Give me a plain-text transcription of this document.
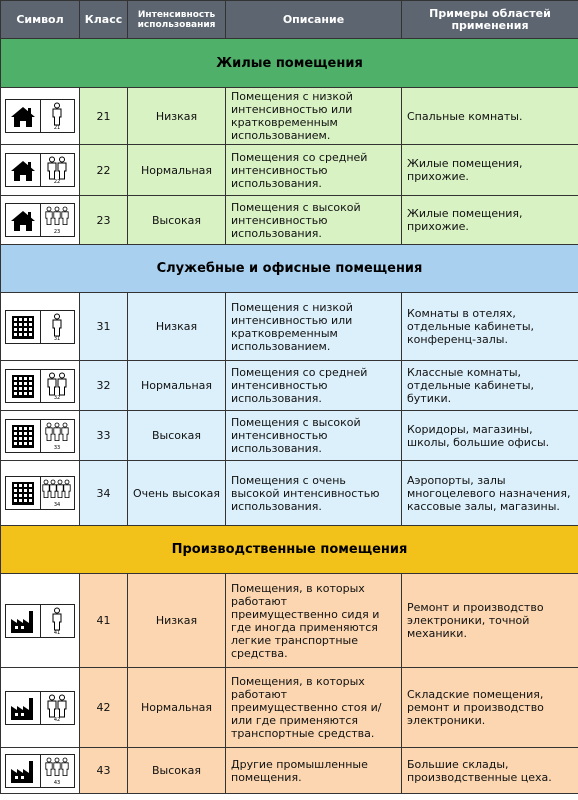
Символ	Класс	Интенсивность использования	Описание	Примеры областей применения
Жилые помещения				

21	21	Низкая	Помещения с низкой интенсивностью или кратковременным использованием.	Спальные комнаты.

22	22	Нормальная	Помещения со средней интенсивностью использования.	Жилые помещения, прихожие.

23	23	Высокая	Помещения с высокой интенсивностью использования.	Жилые помещения, прихожие.
Служебные и офисные помещения				

31	31	Низкая	Помещения с низкой интенсивностью или кратковременным использованием.	Комнаты в отелях, отдельные кабинеты, конференц-залы.

32	32	Нормальная	Помещения со средней интенсивностью использования.	Классные комнаты, отдельные кабинеты, бутики.

33	33	Высокая	Помещения с высокой интенсивностью использования.	Коридоры, магазины, школы, большие офисы.

34	34	Очень высокая	Помещения с очень высокой интенсивностью использования.	Аэропорты, залы многоцелевого назначения, кассовые залы, магазины.
Производственные помещения				

41	41	Низкая	Помещения, в которых работают преимущественно сидя и где иногда применяются легкие транспортные средства.	Ремонт и производство электроники, точной механики.

42	42	Нормальная	Помещения, в которых работают преимущественно стоя и/или где применяются транспортные средства.	Складские помещения, ремонт и производство электроники.

43	43	Высокая	Другие промышленные помещения.	Большие склады, производственные цеха.
